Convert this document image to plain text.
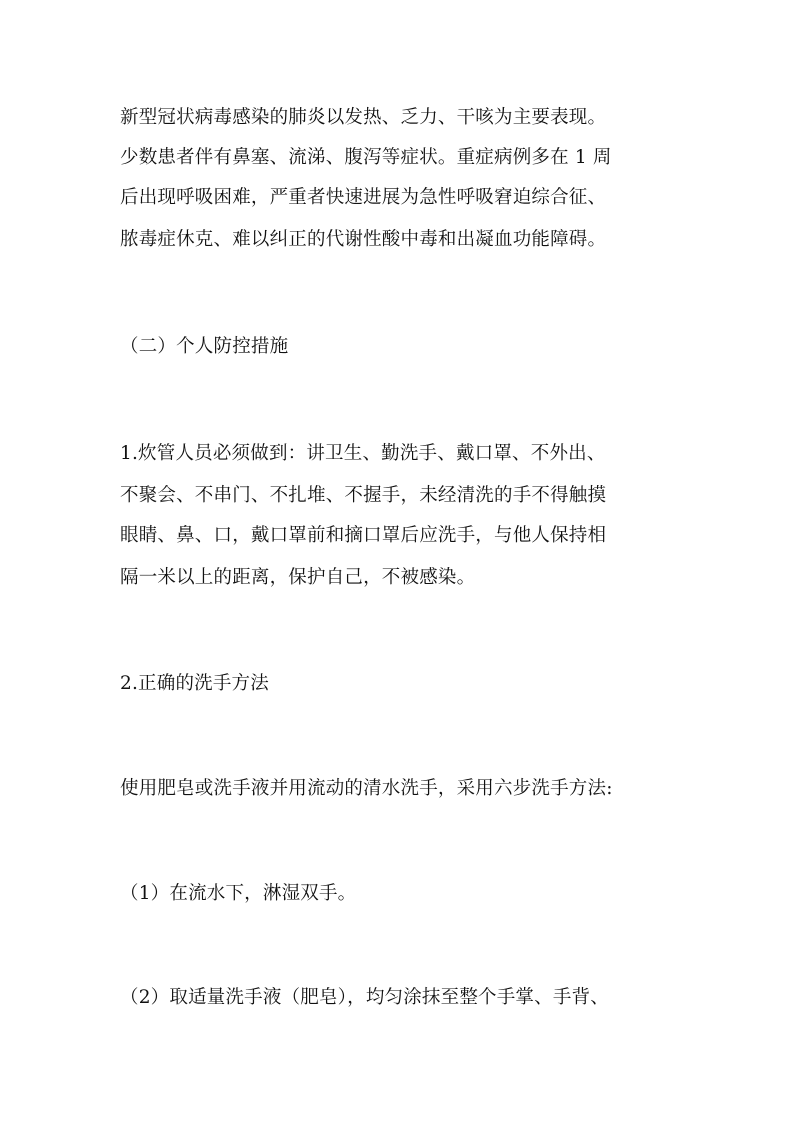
新型冠状病毒感染的肺炎以发热、乏力、干咳为主要表现。
少数患者伴有鼻塞、流涕、腹泻等症状。重症病例多在 1 周
后出现呼吸困难，严重者快速进展为急性呼吸窘迫综合征、
脓毒症休克、难以纠正的代谢性酸中毒和出凝血功能障碍。
（二）个人防控措施
1.炊管人员必须做到：讲卫生、勤洗手、戴口罩、不外出、
不聚会、不串门、不扎堆、不握手，未经清洗的手不得触摸
眼睛、鼻、口，戴口罩前和摘口罩后应洗手，与他人保持相
隔一米以上的距离，保护自己，不被感染。
2.正确的洗手方法
使用肥皂或洗手液并用流动的清水洗手，采用六步洗手方法:
（1）在流水下，淋湿双手。
（2）取适量洗手液（肥皂），均匀涂抹至整个手掌、手背、
